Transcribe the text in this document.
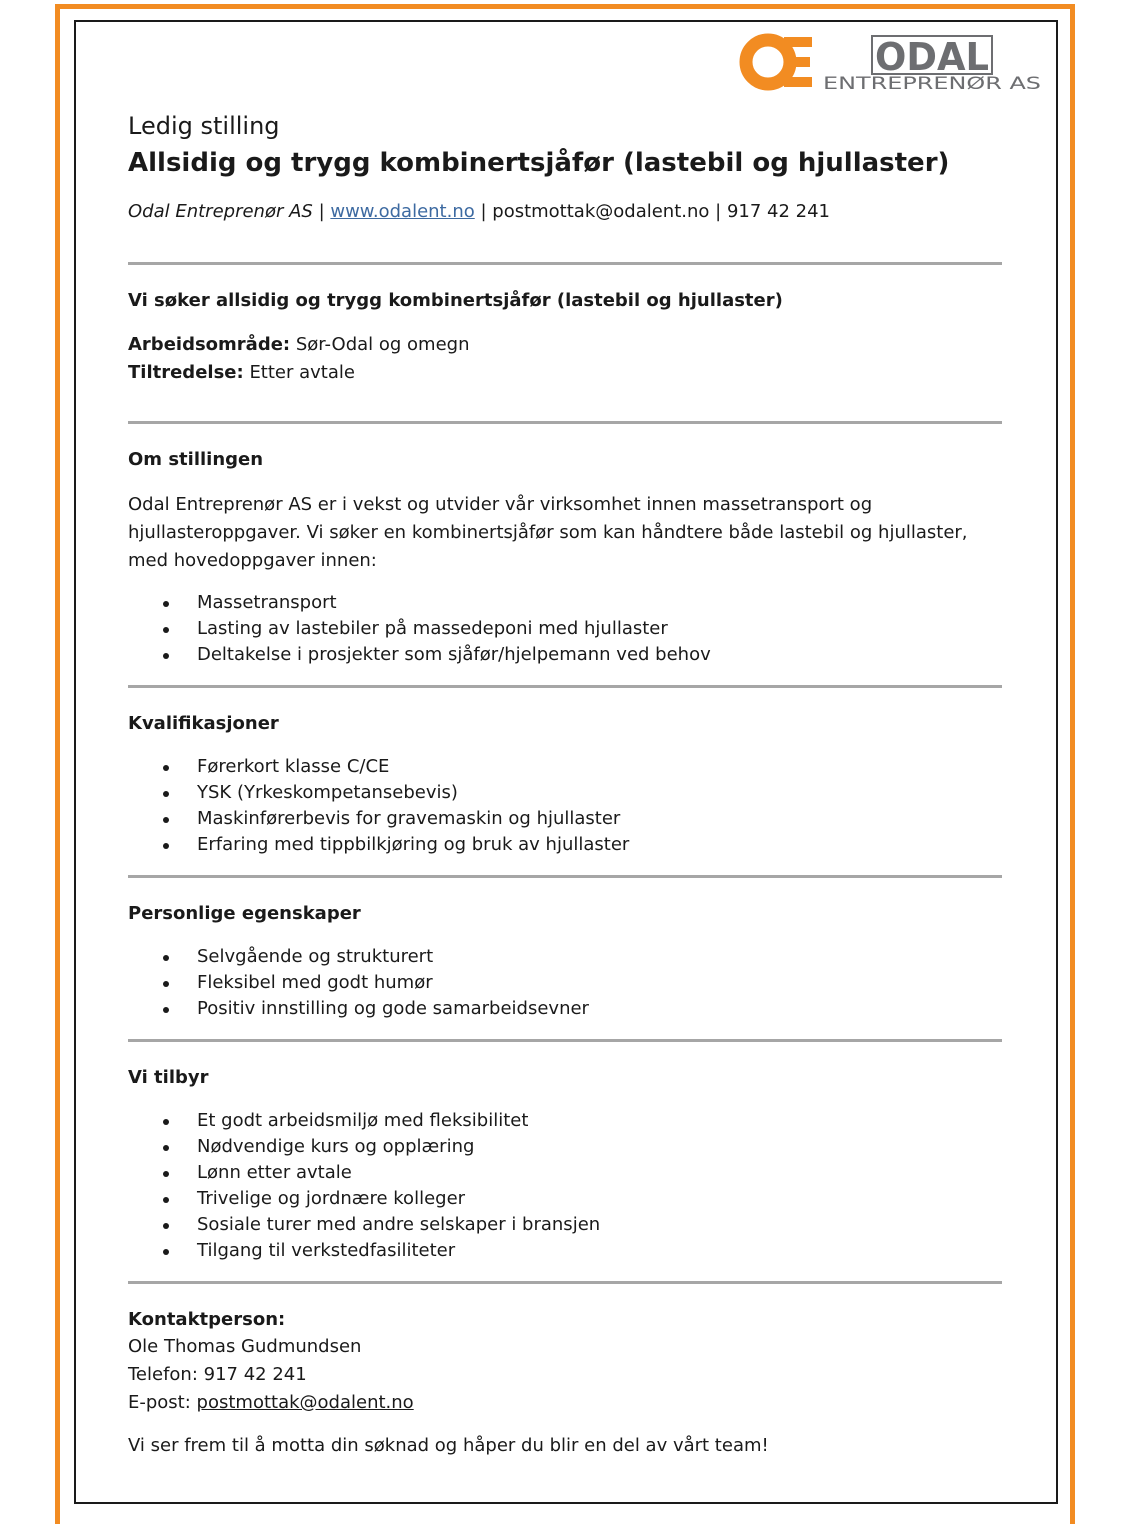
ODAL
ENTREPRENØR AS
Ledig stilling
Allsidig og trygg kombinertsjåfør (lastebil og hjullaster)
Odal Entreprenør AS | www.odalent.no | postmottak@odalent.no | 917 42 241
Vi søker allsidig og trygg kombinertsjåfør (lastebil og hjullaster)
Arbeidsområde: Sør-Odal og omegn
Tiltredelse: Etter avtale
Om stillingen

Odal Entreprenør AS er i vekst og utvider vår virksomhet innen massetransport og hjullasteroppgaver. Vi søker en kombinertsjåfør som kan håndtere både lastebil og hjullaster, med hovedoppgaver innen:

Massetransport
Lasting av lastebiler på massedeponi med hjullaster
Deltakelse i prosjekter som sjåfør/hjelpemann ved behov
Kvalifikasjoner
Førerkort klasse C/CE
YSK (Yrkeskompetansebevis)
Maskinførerbevis for gravemaskin og hjullaster
Erfaring med tippbilkjøring og bruk av hjullaster
Personlige egenskaper
Selvgående og strukturert
Fleksibel med godt humør
Positiv innstilling og gode samarbeidsevner
Vi tilbyr
Et godt arbeidsmiljø med fleksibilitet
Nødvendige kurs og opplæring
Lønn etter avtale
Trivelige og jordnære kolleger
Sosiale turer med andre selskaper i bransjen
Tilgang til verkstedfasiliteter
Kontaktperson:
Ole Thomas Gudmundsen
Telefon: 917 42 241
E-post: postmottak@odalent.no

Vi ser frem til å motta din søknad og håper du blir en del av vårt team!
